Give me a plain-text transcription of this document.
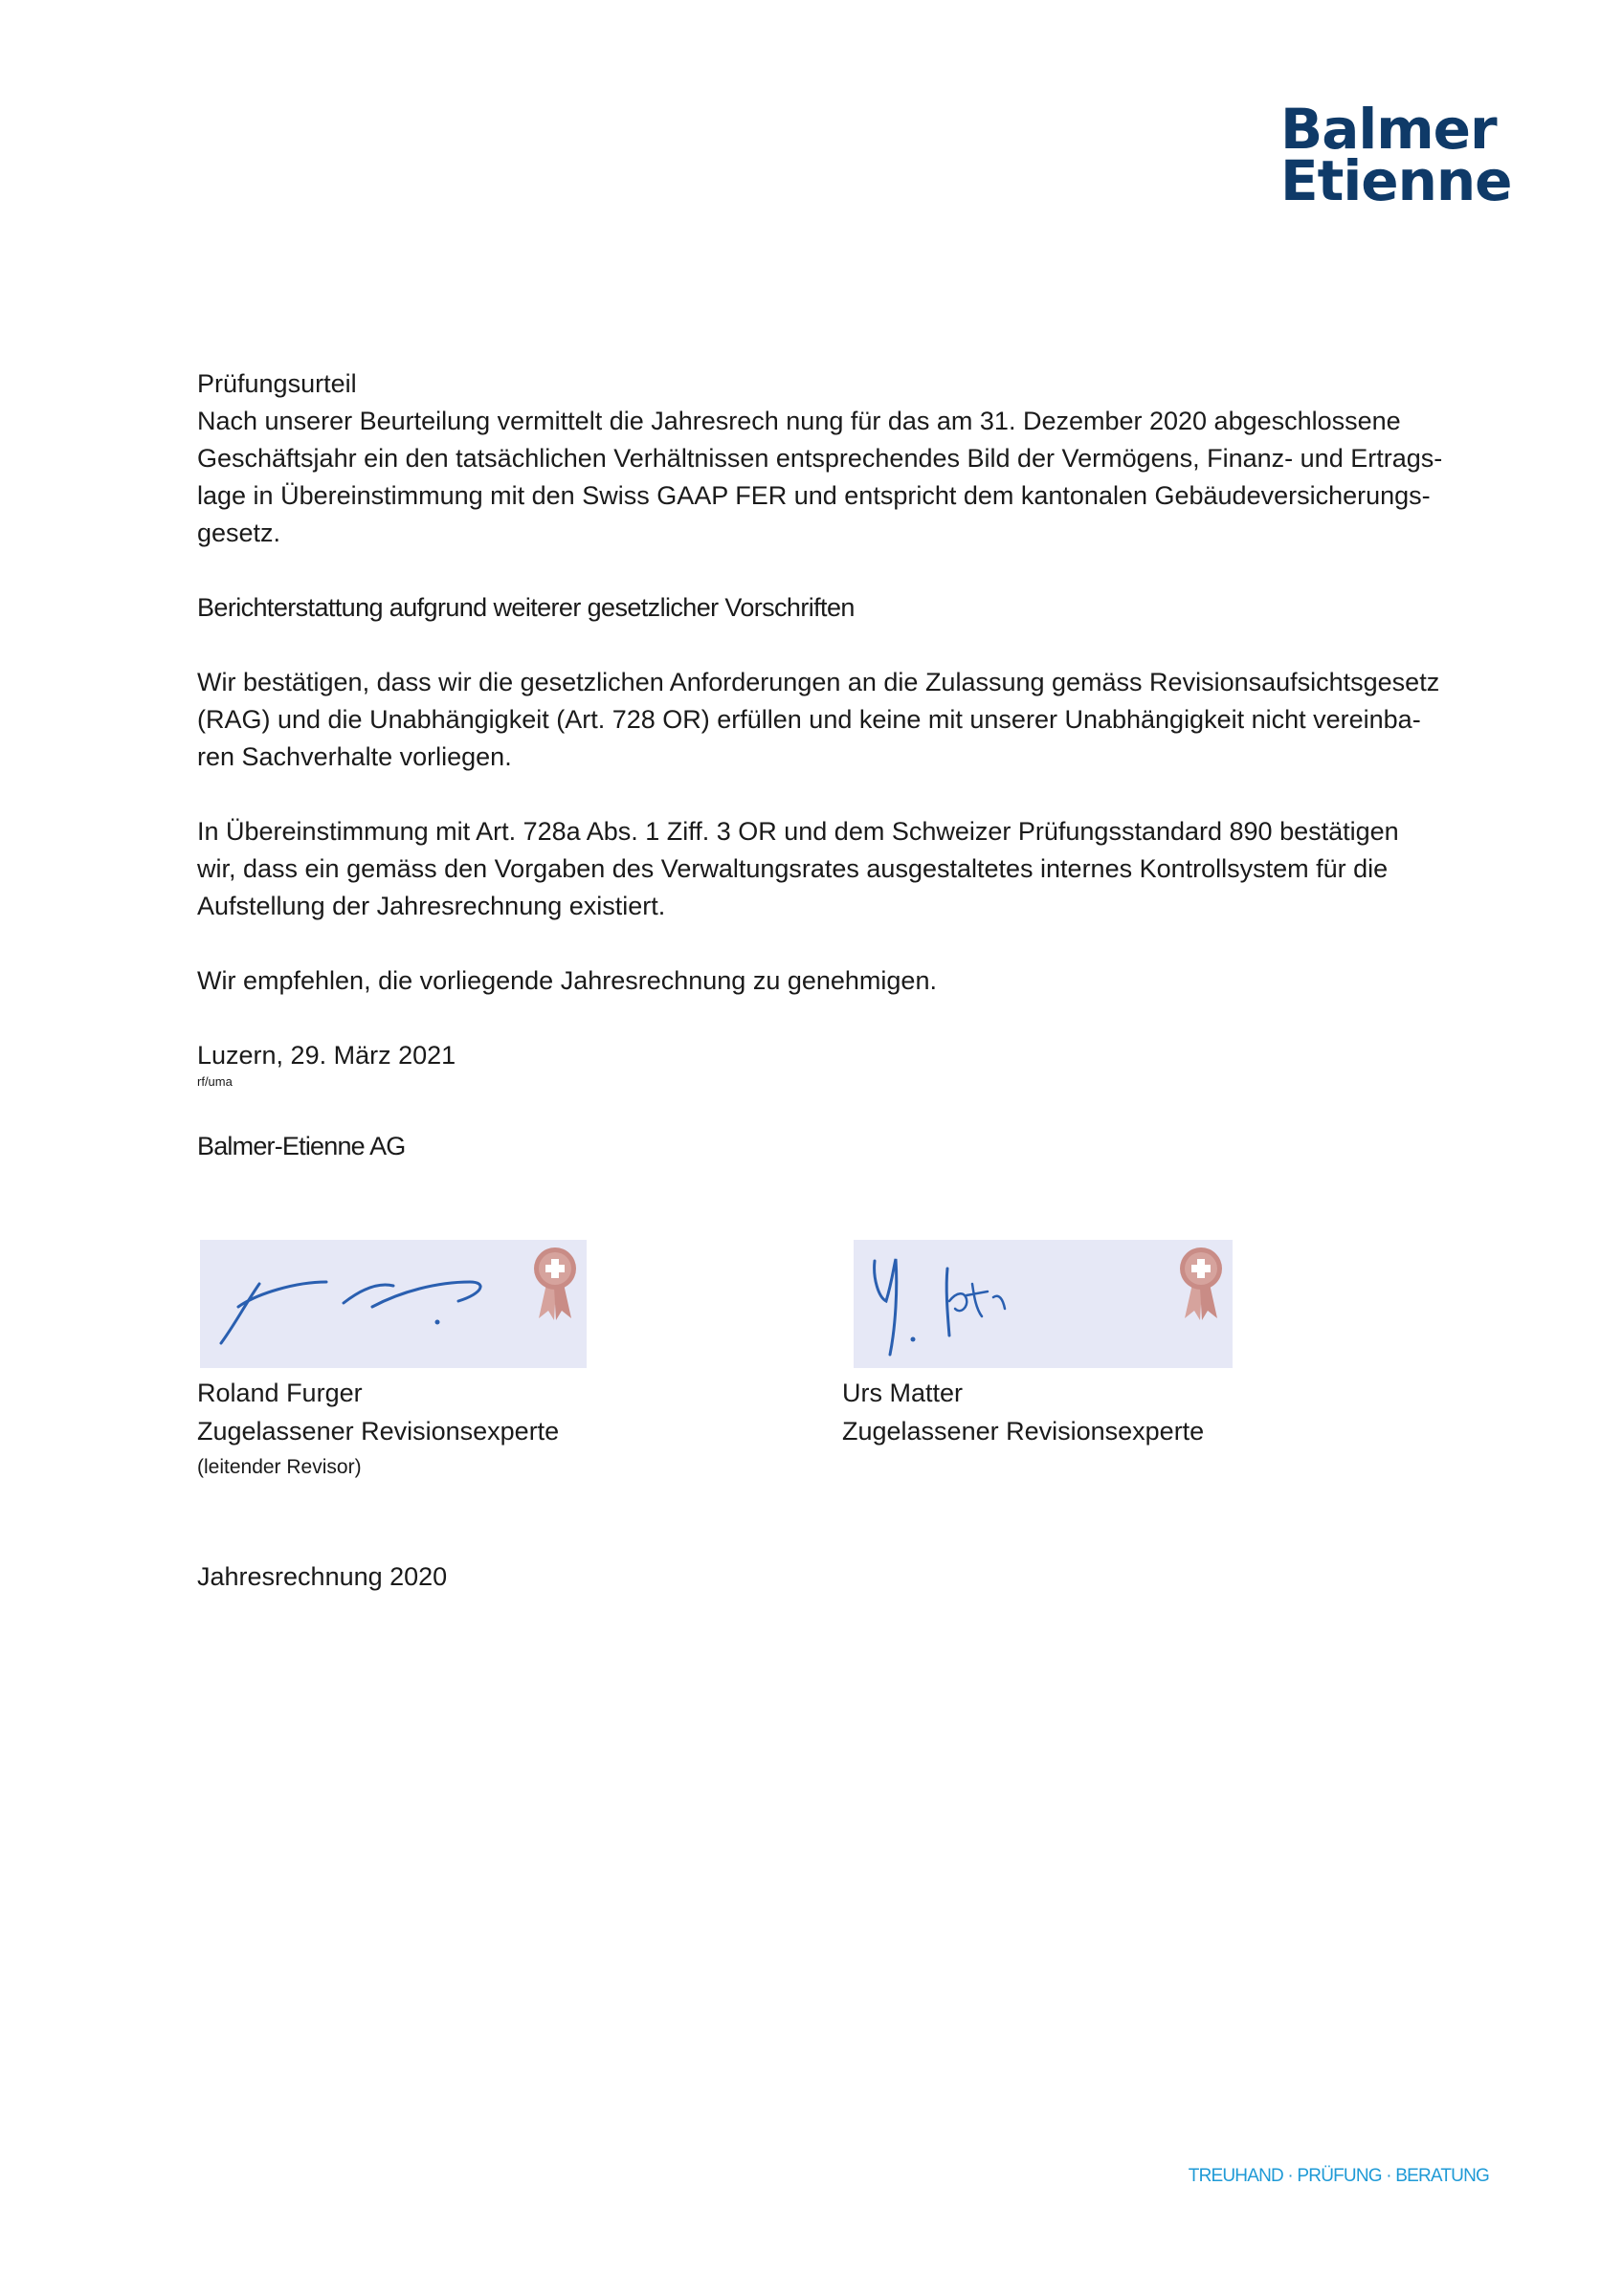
Balmer
Etienne

Prüfungsurteil

Nach unserer Beurteilung vermittelt die Jahresrech nung für das am 31. Dezember 2020 abgeschlossene

Geschäftsjahr ein den tatsächlichen Verhältnissen entsprechendes Bild der Vermögens, Finanz- und Ertrags-

lage in Übereinstimmung mit den Swiss GAAP FER und entspricht dem kantonalen Gebäudeversicherungs-

gesetz.

Berichterstattung aufgrund weiterer gesetzlicher Vorschriften

Wir bestätigen, dass wir die gesetzlichen Anforderungen an die Zulassung gemäss Revisionsaufsichtsgesetz

(RAG) und die Unabhängigkeit (Art. 728 OR) erfüllen und keine mit unserer Unabhängigkeit nicht vereinba-

ren Sachverhalte vorliegen.

In Übereinstimmung mit Art. 728a Abs. 1 Ziff. 3 OR und dem Schweizer Prüfungsstandard 890 bestätigen

wir, dass ein gemäss den Vorgaben des Verwaltungsrates ausgestaltetes internes Kontrollsystem für die

Aufstellung der Jahresrechnung existiert.

Wir empfehlen, die vorliegende Jahresrechnung zu genehmigen.

Luzern, 29. März 2021

rf/uma

Balmer-Etienne AG

Roland Furger

Zugelassener Revisionsexperte

(leitender Revisor)

Urs Matter

Zugelassener Revisionsexperte

Jahresrechnung 2020

TREUHAND · PRÜFUNG · BERATUNG
